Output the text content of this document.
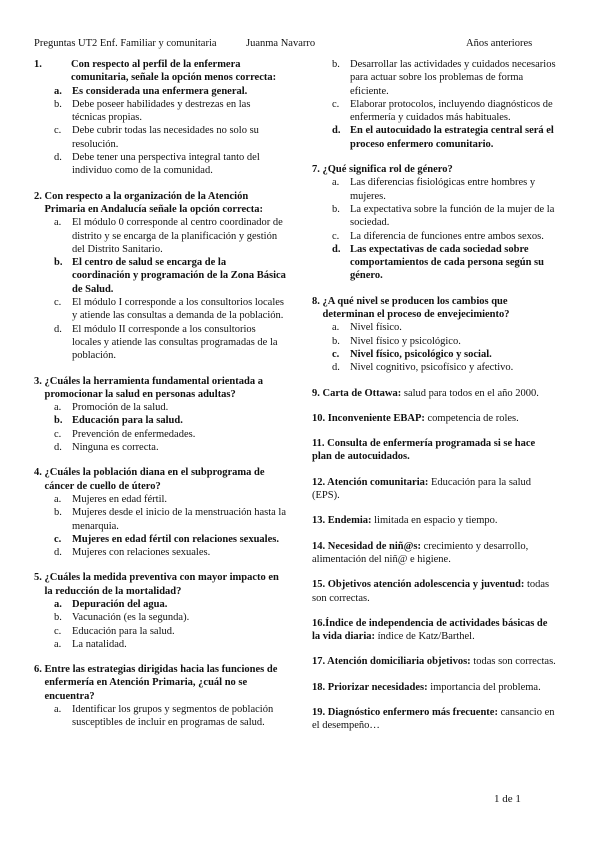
Preguntas UT2 Enf. Familiar y comunitaria	Juanma Navarro	Años anteriores
1.	Con respecto al perfil de la enfermera comunitaria, señale la opción menos correcta:
a. Es considerada una enfermera general.
b. Debe poseer habilidades y destrezas en las técnicas propias.
c.	Debe cubrir todas las necesidades no solo su resolución.
d. Debe tener una perspectiva integral tanto del individuo como de la comunidad.
2.
Con respecto a la organización de la Atención Primaria en Andalucía señale la opción correcta:
a.	El módulo 0 corresponde al centro coordinador de distrito y se encarga de la planificación y gestión del Distrito Sanitario.
b. El centro de salud se encarga de la coordinación y programación de la Zona Básica de Salud.
c.	El módulo I corresponde a los consultorios locales y atiende las consultas a demanda de la población.
d. El módulo II corresponde a los consultorios locales y atiende las consultas programadas de la población.
3.
¿Cuáles la herramienta fundamental orientada a promocionar la salud en personas adultas?
a.	Promoción de la salud.
b. Educación para la salud.
c.	Prevención de enfermedades.
d. Ninguna es correcta.
4.
¿Cuáles la población diana en el subprograma de cáncer de cuello de útero?
a.	Mujeres en edad fértil.
b. Mujeres desde el inicio de la menstruación hasta la menarquia.
c.	Mujeres en edad fértil con relaciones sexuales.
d. Mujeres con relaciones sexuales.
5.
¿Cuáles la medida preventiva con mayor impacto en la reducción de la mortalidad?
a. Depuración del agua.
b. Vacunación (es la segunda).
c.	Educación para la salud.
a.	La natalidad.
6.
Entre las estrategias dirigidas hacia las funciones de enfermería en Atención Primaria, ¿cuál no se encuentra?
a.	Identificar los grupos y segmentos de población susceptibles de incluir en programas de salud.
b. Desarrollar las actividades y cuidados necesarios para actuar sobre los problemas de forma eficiente.
c.	Elaborar protocolos, incluyendo diagnósticos de enfermería y cuidados más habituales.
d. En el autocuidado la estrategia central será el proceso enfermero comunitario.
7.
¿Qué significa rol de género?
a.	Las diferencias fisiológicas entre hombres y mujeres.
b. La expectativa sobre la función de la mujer de la sociedad.
c.	La diferencia de funciones entre ambos sexos.
d. Las expectativas de cada sociedad sobre comportamientos de cada persona según su género.
8.
¿A qué nivel se producen los cambios que determinan el proceso de envejecimiento?
a.	Nivel físico.
b. Nivel físico y psicológico.
c.	Nivel físico, psicológico y social.
d. Nivel cognitivo, psicofísico y afectivo.
9. Carta de Ottawa: salud para todos en el año 2000.
10. Inconveniente EBAP: competencia de roles.
11. Consulta de enfermería programada si se hace plan de autocuidados.
12. Atención comunitaria: Educación para la salud (EPS).
13. Endemia: limitada en espacio y tiempo.
14. Necesidad de niñ@s: crecimiento y desarrollo, alimentación del niñ@ e higiene.
15. Objetivos atención adolescencia y juventud: todas son correctas.
16.Índice de independencia de actividades básicas de la vida diaria: índice de Katz/Barthel.
17. Atención domiciliaria objetivos: todas son correctas.
18. Priorizar necesidades: importancia del problema.
19. Diagnóstico enfermero más frecuente: cansancio en el desempeño…
1 de 1
